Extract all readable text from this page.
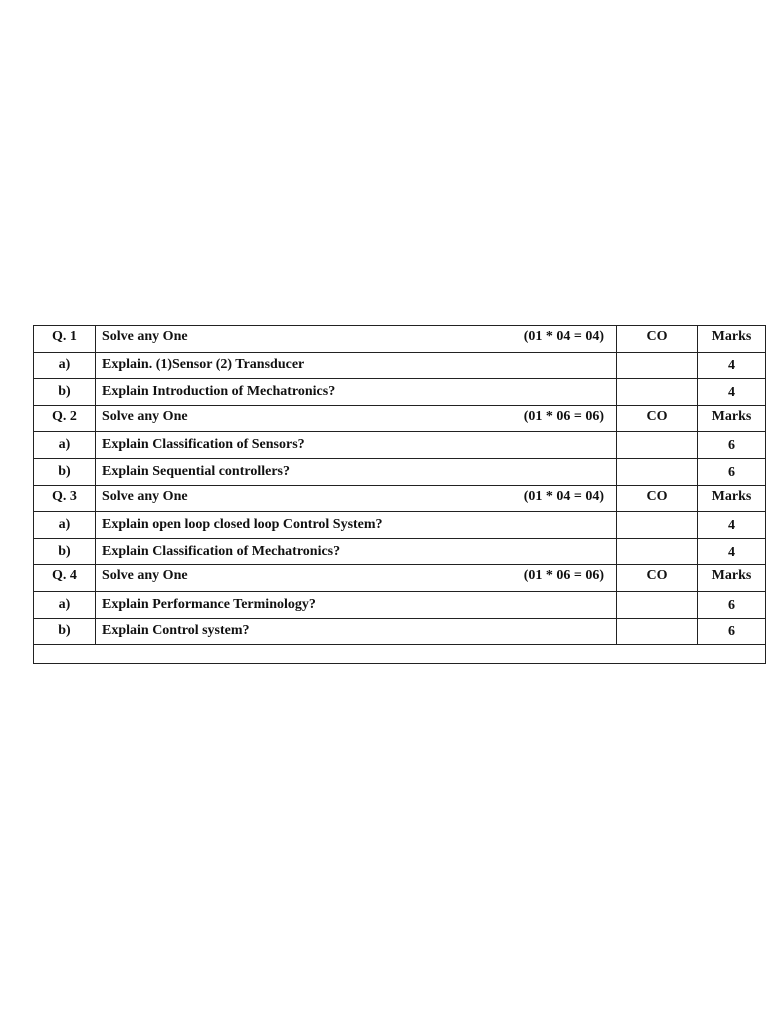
Q. 1	Solve any One (01 * 04 = 04)	CO	Marks
a)	Explain. (1)Sensor (2) Transducer		4
b)	Explain Introduction of Mechatronics?		4
Q. 2	Solve any One (01 * 06 = 06)	CO	Marks
a)	Explain Classification of Sensors?		6
b)	Explain Sequential controllers?		6
Q. 3	Solve any One (01 * 04 = 04)	CO	Marks
a)	Explain open loop closed loop Control System?		4
b)	Explain Classification of Mechatronics?		4
Q. 4	Solve any One (01 * 06 = 06)	CO	Marks
a)	Explain Performance Terminology?		6
b)	Explain Control system?		6
